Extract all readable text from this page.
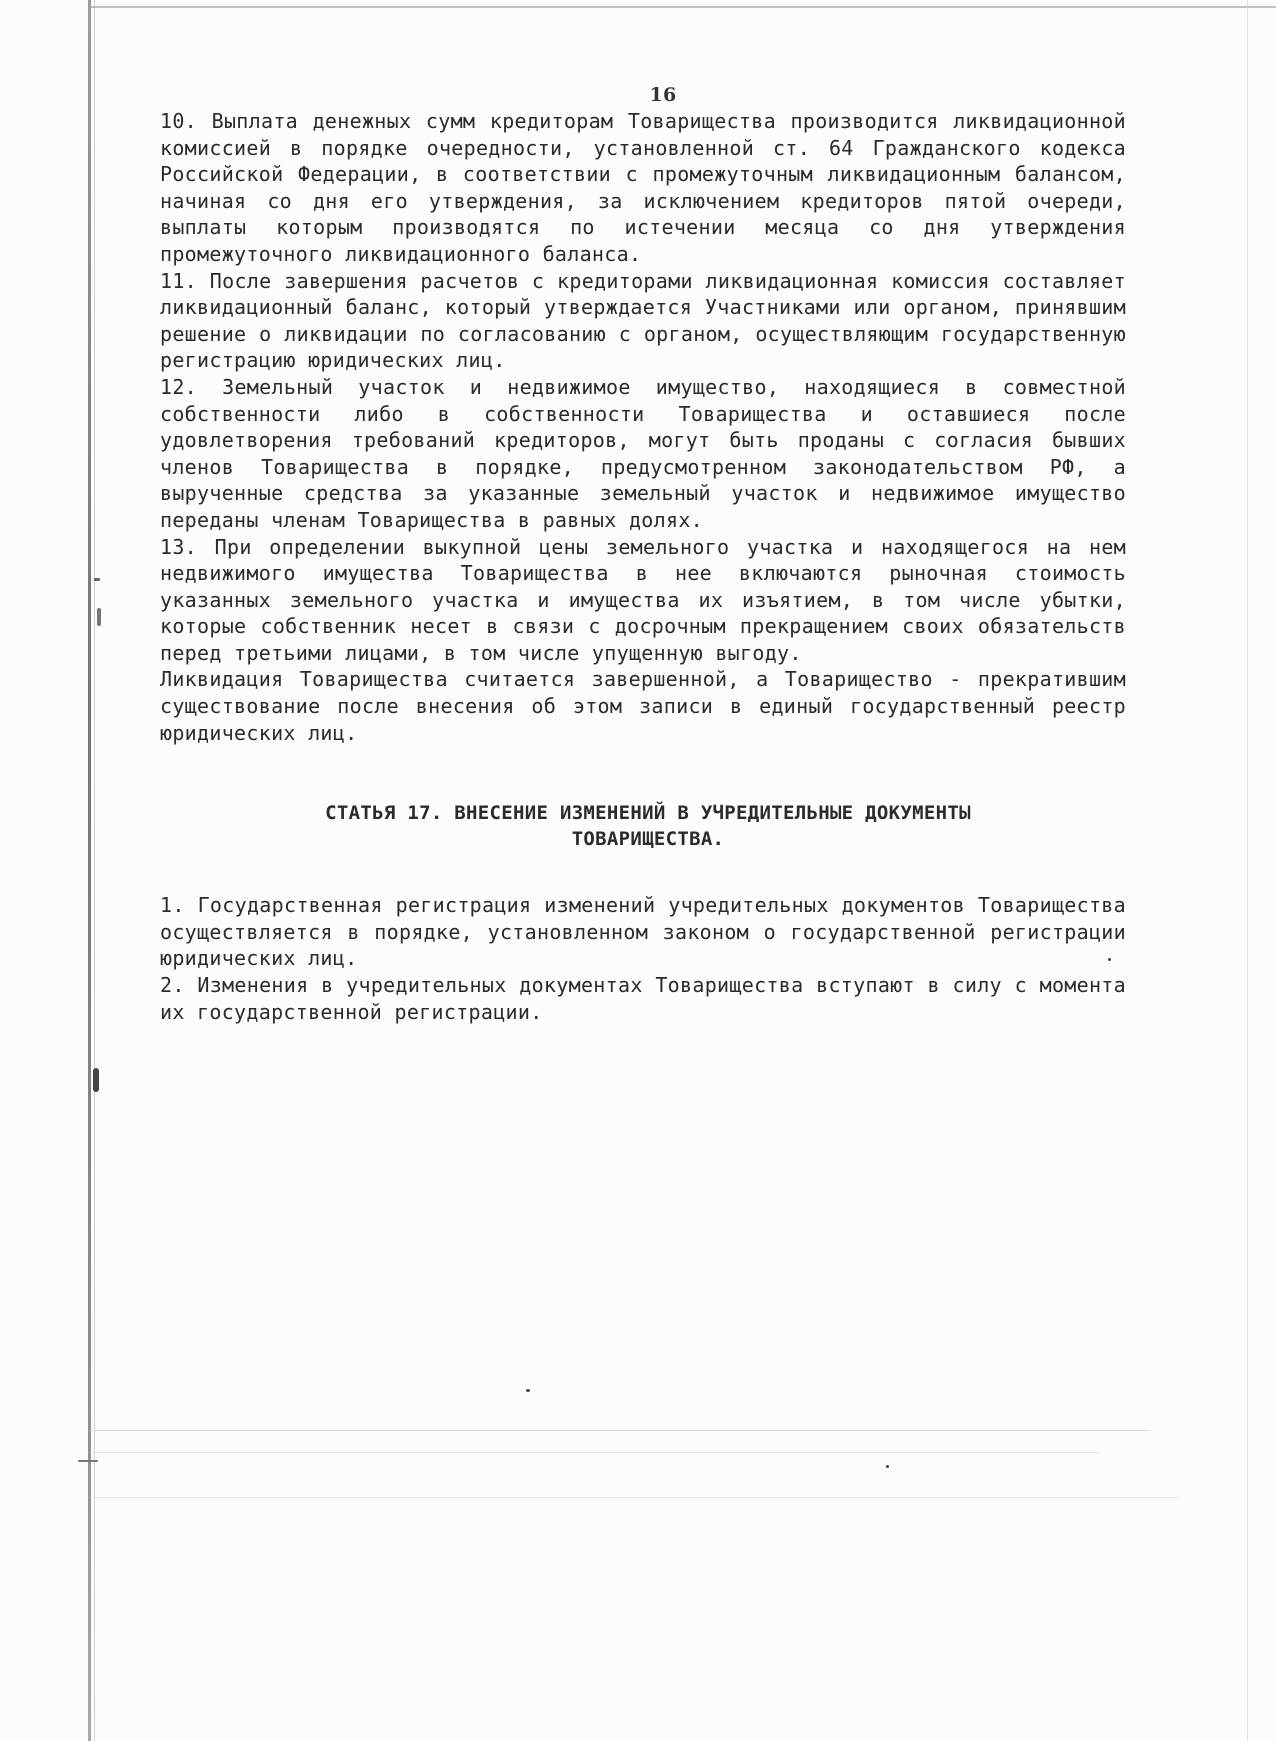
16

10. Выплата денежных сумм кредиторам Товарищества производится ликвидационной комиссией в порядке очередности, установленной ст. 64 Гражданского кодекса Российской Федерации, в соответствии с промежуточным ликвидационным балансом, начиная со дня его утверждения, за исключением кредиторов пятой очереди, выплаты которым производятся по истечении месяца со дня утверждения промежуточного ликвидационного баланса.

11. После завершения расчетов с кредиторами ликвидационная комиссия составляет ликвидационный баланс, который утверждается Участниками или органом, принявшим решение о ликвидации по согласованию с органом, осуществляющим государственную регистрацию юридических лиц.

12. Земельный участок и недвижимое имущество, находящиеся в совместной собственности либо в собственности Товарищества и оставшиеся после удовлетворения требований кредиторов, могут быть проданы с согласия бывших членов Товарищества в порядке, предусмотренном законодательством РФ, а вырученные средства за указанные земельный участок и недвижимое имущество переданы членам Товарищества в равных долях.

13. При определении выкупной цены земельного участка и находящегося на нем недвижимого имущества Товарищества в нее включаются рыночная стоимость указанных земельного участка и имущества их изъятием, в том числе убытки, которые собственник несет в связи с досрочным прекращением своих обязательств перед третьими лицами, в том числе упущенную выгоду.

Ликвидация Товарищества считается завершенной, а Товарищество - прекратившим существование после внесения об этом записи в единый государственный реестр юридических лиц.

СТАТЬЯ 17. ВНЕСЕНИЕ ИЗМЕНЕНИЙ В УЧРЕДИТЕЛЬНЫЕ ДОКУМЕНТЫ
ТОВАРИЩЕСТВА.

1. Государственная регистрация изменений учредительных документов Товарищества осуществляется в порядке, установленном законом о государственной регистрации юридических лиц.

2. Изменения в учредительных документах Товарищества вступают в силу с момента их государственной регистрации.
